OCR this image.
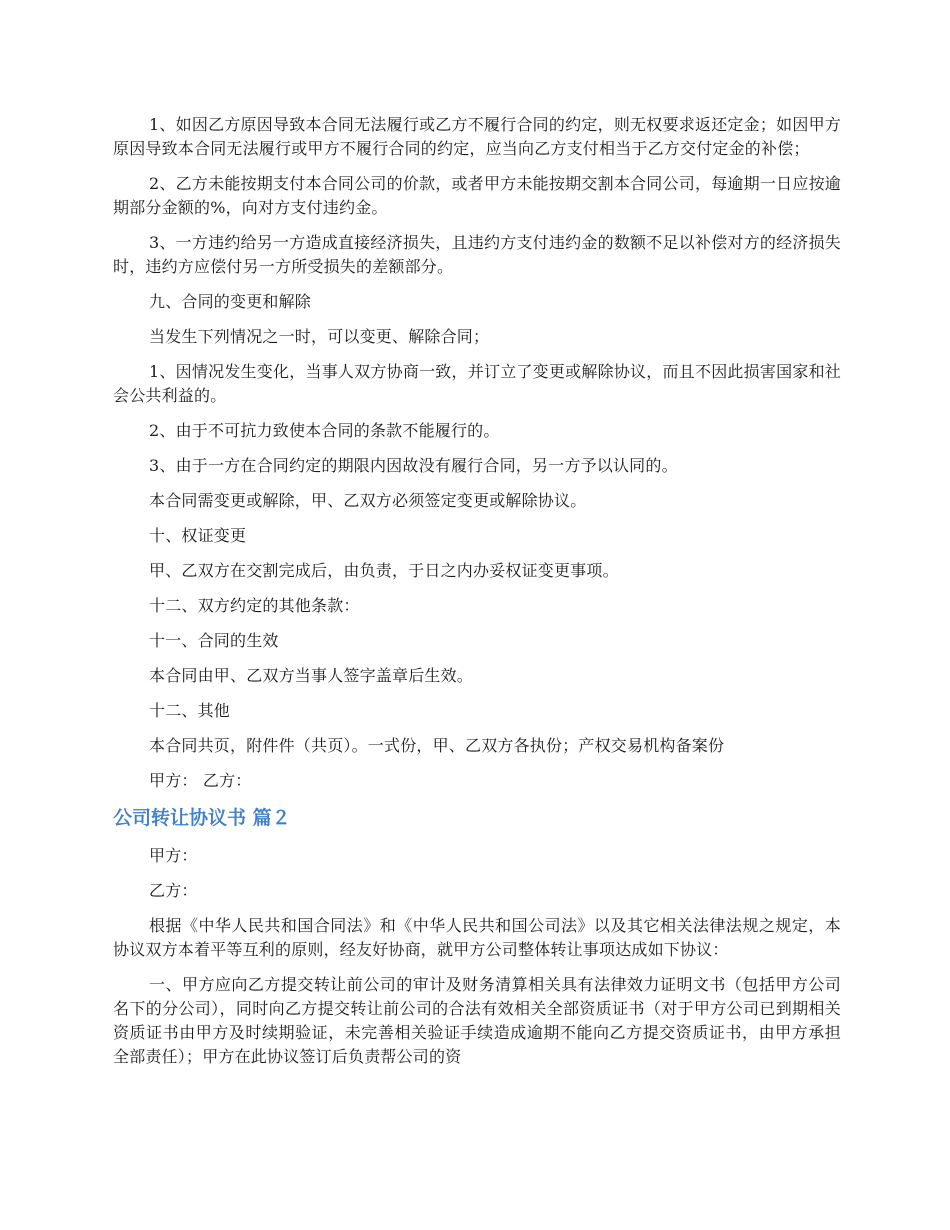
1、如因乙方原因导致本合同无法履行或乙方不履行合同的约定，则无权要求返还定金；如因甲方原因导致本合同无法履行或甲方不履行合同的约定，应当向乙方支付相当于乙方交付定金的补偿；

2、乙方未能按期支付本合同公司的价款，或者甲方未能按期交割本合同公司，每逾期一日应按逾期部分金额的%，向对方支付违约金。

3、一方违约给另一方造成直接经济损失，且违约方支付违约金的数额不足以补偿对方的经济损失时，违约方应偿付另一方所受损失的差额部分。

九、合同的变更和解除

当发生下列情况之一时，可以变更、解除合同；

1、因情况发生变化，当事人双方协商一致，并订立了变更或解除协议，而且不因此损害国家和社会公共利益的。

2、由于不可抗力致使本合同的条款不能履行的。

3、由于一方在合同约定的期限内因故没有履行合同，另一方予以认同的。

本合同需变更或解除，甲、乙双方必须签定变更或解除协议。

十、权证变更

甲、乙双方在交割完成后，由负责，于日之内办妥权证变更事项。

十二、双方约定的其他条款：

十一、合同的生效

本合同由甲、乙双方当事人签字盖章后生效。

十二、其他

本合同共页，附件件（共页）。一式份，甲、乙双方各执份；产权交易机构备案份

甲方： 乙方：

公司转让协议书 篇２

甲方：

乙方：

根据《中华人民共和国合同法》和《中华人民共和国公司法》以及其它相关法律法规之规定，本协议双方本着平等互利的原则，经友好协商，就甲方公司整体转让事项达成如下协议：

一、甲方应向乙方提交转让前公司的审计及财务清算相关具有法律效力证明文书（包括甲方公司名下的分公司），同时向乙方提交转让前公司的合法有效相关全部资质证书（对于甲方公司已到期相关资质证书由甲方及时续期验证，未完善相关验证手续造成逾期不能向乙方提交资质证书，由甲方承担全部责任）；甲方在此协议签订后负责帮公司的资
